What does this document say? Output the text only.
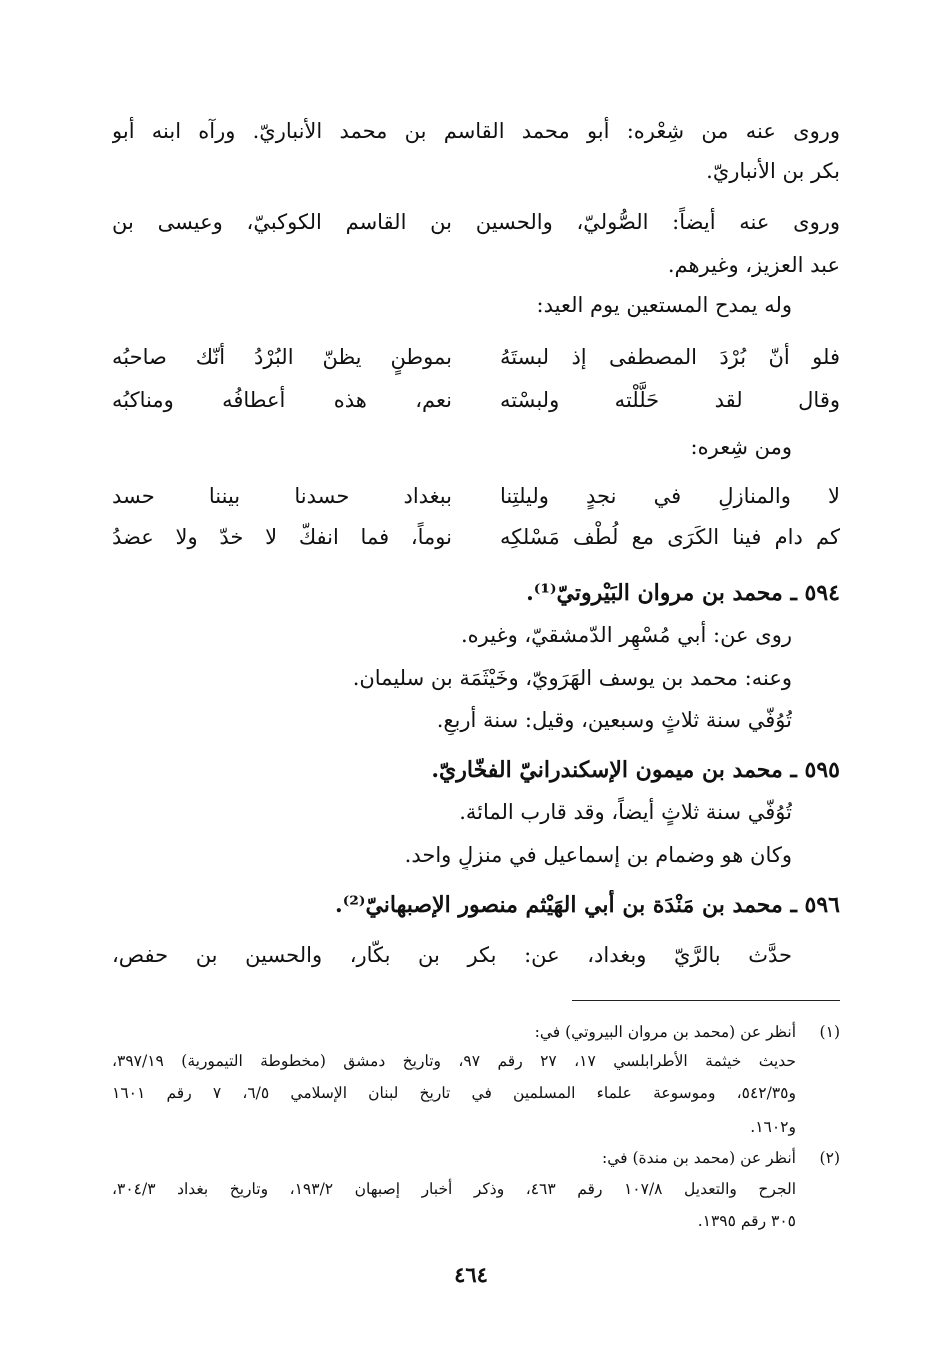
وروى عنه من شِعْره: أبو محمد القاسم بن محمد الأنباريّ. ورآه ابنه أبو
بكر بن الأنباريّ.
وروى عنه أيضاً: الصُّوليّ، والحسين بن القاسم الكوكبيّ، وعيسى بن
عبد العزيز، وغيرهم.
وله يمدح المستعين يوم العيد:
فلو أنّ بُرْدَ المصطفى إذ لبستَهُ
بموطنٍ يظنّ البُرْدُ أنّك صاحبُه
وقال لقد حَلَّلْته ولبسْته
نعم، هذه أعطافُه ومناكبُه
ومن شِعره:
لا والمنازلِ في نجدٍ وليلتِنا
ببغداد حسدنا بيننا حسد
كم دام فينا الكَرَى مع لُطْف مَسْلكِه
نوماً، فما انفكّ لا خدّ ولا عضدُ
٥٩٤ ـ محمد بن مروان البَيْروتيّ⁽¹⁾.
روى عن: أبي مُسْهِر الدّمشقيّ، وغيره.
وعنه: محمد بن يوسف الهَرَويّ، وخَيْثَمَة بن سليمان.
تُوُفّي سنة ثلاثٍ وسبعين، وقيل: سنة أربعٍ.
٥٩٥ ـ محمد بن ميمون الإسكندرانيّ الفخّاريّ.
تُوُفّي سنة ثلاثٍ أيضاً، وقد قارب المائة.
وكان هو وضمام بن إسماعيل في منزلٍ واحد.
٥٩٦ ـ محمد بن مَنْدَة بن أبي الهَيْثم منصور الإصبهانيّ⁽²⁾.
حدَّث بالرَّيّ وبغداد، عن: بكر بن بكّار، والحسين بن حفص،
(١)
أنظر عن (محمد بن مروان البيروتي) في:
حديث خيثمة الأطرابلسي ١٧، ٢٧ رقم ٩٧، وتاريخ دمشق (مخطوطة التيمورية) ٣٩٧/١٩،
و٥٤٢/٣٥، وموسوعة علماء المسلمين في تاريخ لبنان الإسلامي ٦/٥، ٧ رقم ١٦٠١
و١٦٠٢.
(٢)
أنظر عن (محمد بن مندة) في:
الجرح والتعديل ١٠٧/٨ رقم ٤٦٣، وذكر أخبار إصبهان ١٩٣/٢، وتاريخ بغداد ٣٠٤/٣،
٣٠٥ رقم ١٣٩٥.
٤٦٤
